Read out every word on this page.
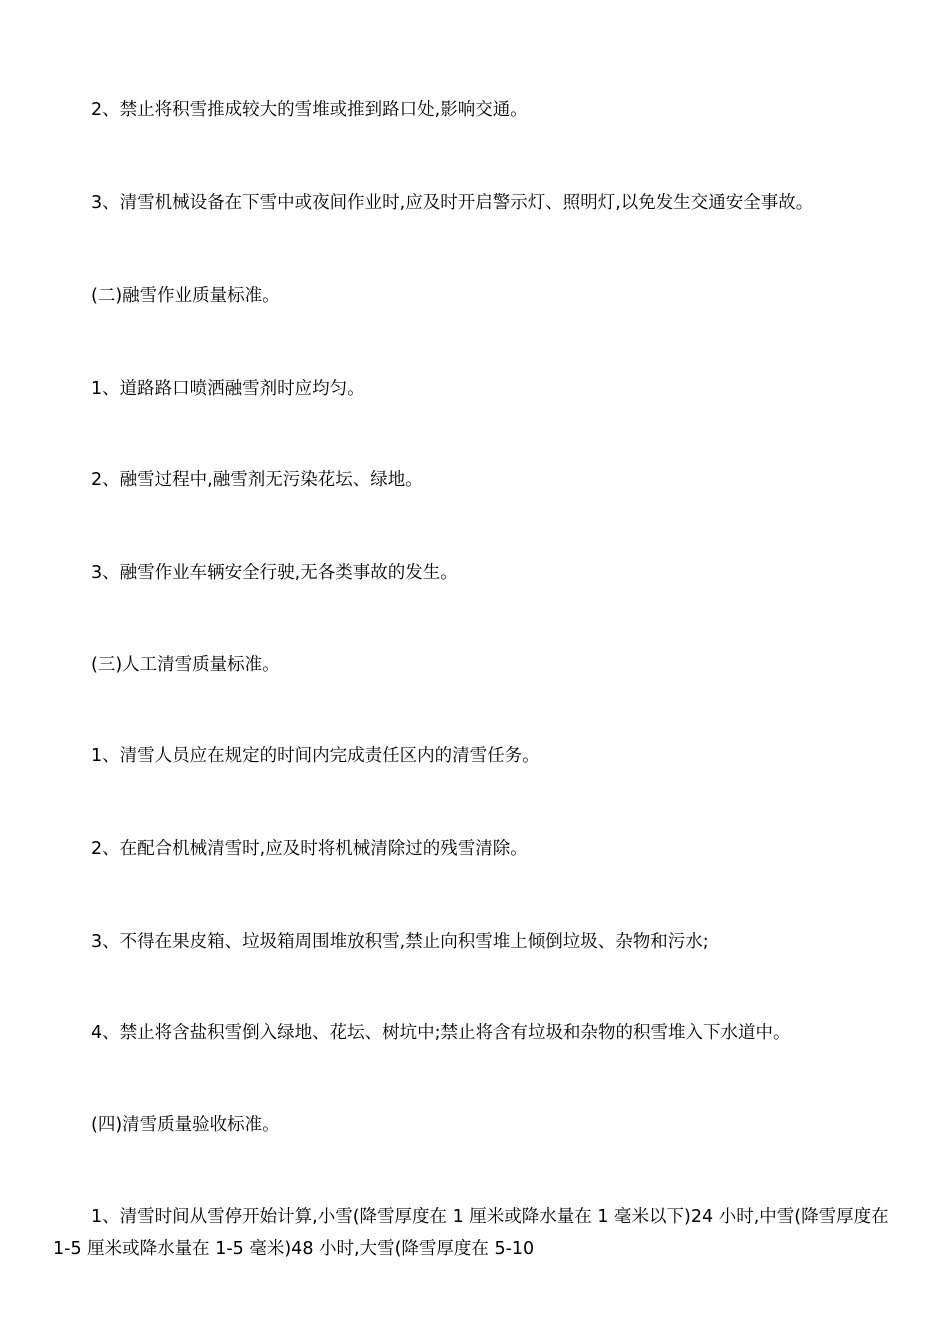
2、禁止将积雪推成较大的雪堆或推到路口处,影响交通。

3、清雪机械设备在下雪中或夜间作业时,应及时开启警示灯、照明灯,以免发生交通安全事故。

(二)融雪作业质量标准。

1、道路路口喷洒融雪剂时应均匀。

2、融雪过程中,融雪剂无污染花坛、绿地。

3、融雪作业车辆安全行驶,无各类事故的发生。

(三)人工清雪质量标准。

1、清雪人员应在规定的时间内完成责任区内的清雪任务。

2、在配合机械清雪时,应及时将机械清除过的残雪清除。

3、不得在果皮箱、垃圾箱周围堆放积雪,禁止向积雪堆上倾倒垃圾、杂物和污水;

4、禁止将含盐积雪倒入绿地、花坛、树坑中;禁止将含有垃圾和杂物的积雪堆入下水道中。

(四)清雪质量验收标准。

1、清雪时间从雪停开始计算,小雪(降雪厚度在 1 厘米或降水量在 1 毫米以下)24 小时,中雪(降雪厚度在 1-5 厘米或降水量在 1-5 毫米)48 小时,大雪(降雪厚度在 5-10
